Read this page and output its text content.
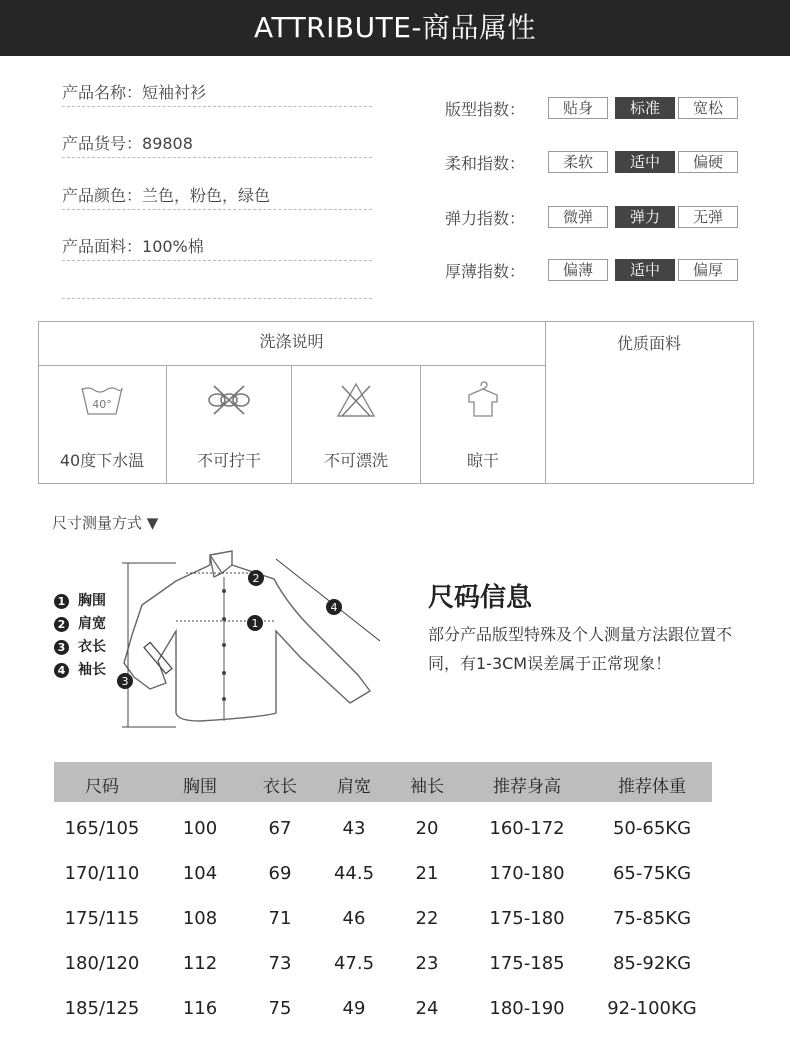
ATTRIBUTE-商品属性
产品名称：短袖衬衫
产品货号：89808
产品颜色：兰色，粉色，绿色
产品面料：100%棉
版型指数：	贴身	标准	宽松
柔和指数：	柔软	适中	偏硬
弹力指数：	微弹	弹力	无弹
厚薄指数：	偏薄	适中	偏厚
洗涤说明	优质面料
40°
40度下水温	不可拧干	不可漂洗	晾干
尺寸测量方式 ▼
2
1
3
4
1 胸围
2 肩宽
3 衣长
4 袖长
尺码信息
部分产品版型特殊及个人测量方法跟位置不同，有1-3CM误差属于正常现象！
尺码	胸围	衣长	肩宽	袖长	推荐身高	推荐体重
165/105	100	67	43	20	160-172	50-65KG
170/110	104	69	44.5	21	170-180	65-75KG
175/115	108	71	46	22	175-180	75-85KG
180/120	112	73	47.5	23	175-185	85-92KG
185/125	116	75	49	24	180-190	92-100KG
